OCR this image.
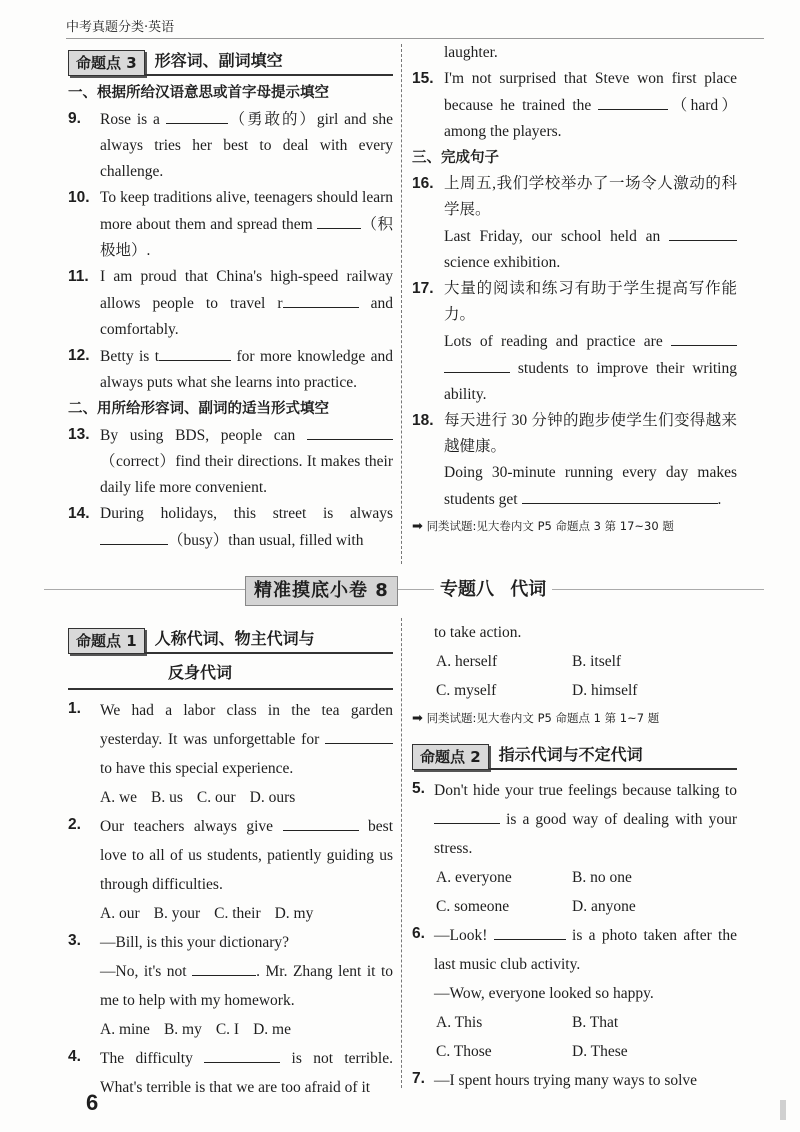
中考真题分类·英语
命题点 3	形容词、副词填空
一、根据所给汉语意思或首字母提示填空
9.	Rose is a	（勇敢的）girl and she always tries her best to deal with every challenge.
10. To keep traditions alive, teenagers should learn more about them and spread them	（积极地）.
11. I am proud that China's high-speed railway allows people to travel r	and comfortably.
12. Betty is t	for more knowledge and always puts what she learns into practice.
二、用所给形容词、副词的适当形式填空
13. By using BDS, people can  （correct）find their directions. It makes their daily life more convenient.
14. During holidays, this street is always （busy）than usual, filled with
laughter.
15. I'm not surprised that Steve won first place because he trained the	（hard） among the players.
三、完成句子
16. 上周五,我们学校举办了一场令人激动的科学展。
Last Friday, our school held an  science exhibition.
17. 大量的阅读和练习有助于学生提高写作能力。
Lots of reading and practice are   students to improve their writing ability.
18. 每天进行 30 分钟的跑步使学生们变得越来越健康。
Doing 30-minute running every day makes students get	.
➡ 同类试题:见大卷内文 P5 命题点 3 第 17~30 题
精准摸底小卷 8	专题八 代词
命题点 1	人称代词、物主代词与
反身代词
1.	We had a labor class in the tea garden yesterday. It was unforgettable for  to have this special experience.
A. we B. us C. our D. ours
2.	Our teachers always give	best love to all of us students, patiently guiding us through difficulties.
A. our B. your C. their D. my
3.	—Bill, is this your dictionary?
—No, it's not	. Mr. Zhang lent it to me to help with my homework.
A. mine B. my C. I D. me
4.	The difficulty	is not terrible. What's terrible is that we are too afraid of it
to take action.
A. herself	B. itself
C. myself	D. himself
➡ 同类试题:见大卷内文 P5 命题点 1 第 1~7 题
命题点 2	指示代词与不定代词
5. Don't hide your true feelings because talking to  is a good way of dealing with your stress.
A. everyone	B. no one
C. someone	D. anyone
6. —Look!	is a photo taken after the last music club activity.
—Wow, everyone looked so happy.
A. This	B. That
C. Those	D. These
7. —I spent hours trying many ways to solve
6
